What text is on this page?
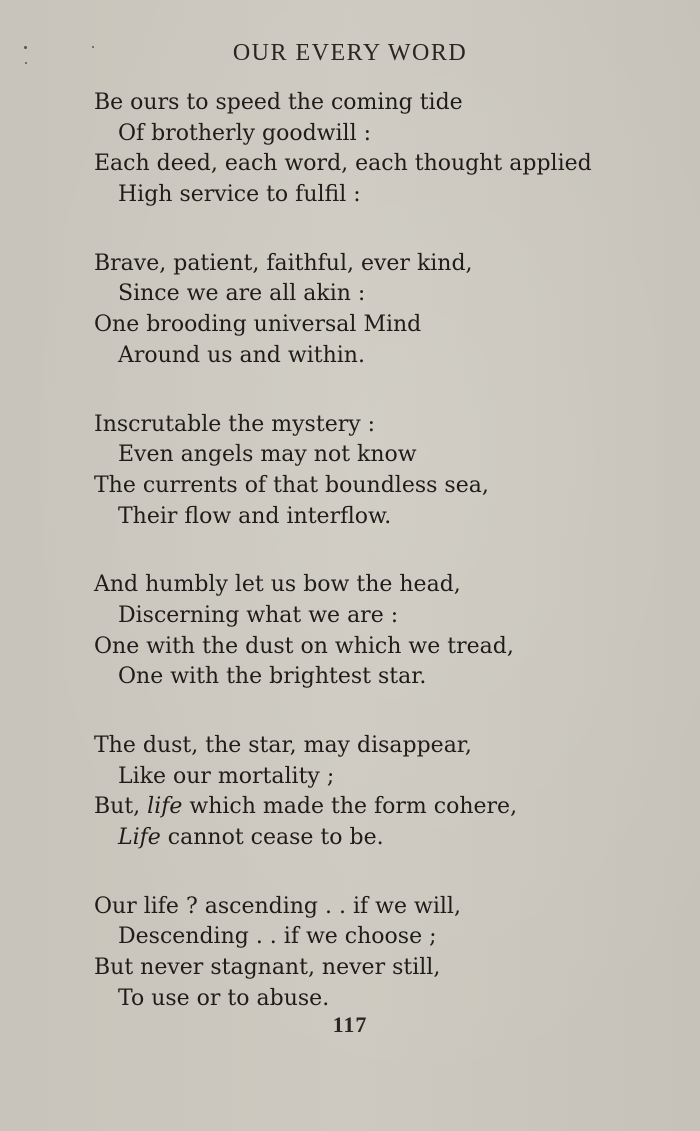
OUR EVERY WORD
Be ours to speed the coming tide
Of brotherly goodwill :
Each deed, each word, each thought applied
High service to fulfil :
Brave, patient, faithful, ever kind,
Since we are all akin :
One brooding universal Mind
Around us and within.
Inscrutable the mystery :
Even angels may not know
The currents of that boundless sea,
Their flow and interflow.
And humbly let us bow the head,
Discerning what we are :
One with the dust on which we tread,
One with the brightest star.
The dust, the star, may disappear,
Like our mortality ;
But, life which made the form cohere,
Life cannot cease to be.
Our life ? ascending . . if we will,
Descending . . if we choose ;
But never stagnant, never still,
To use or to abuse.
117
